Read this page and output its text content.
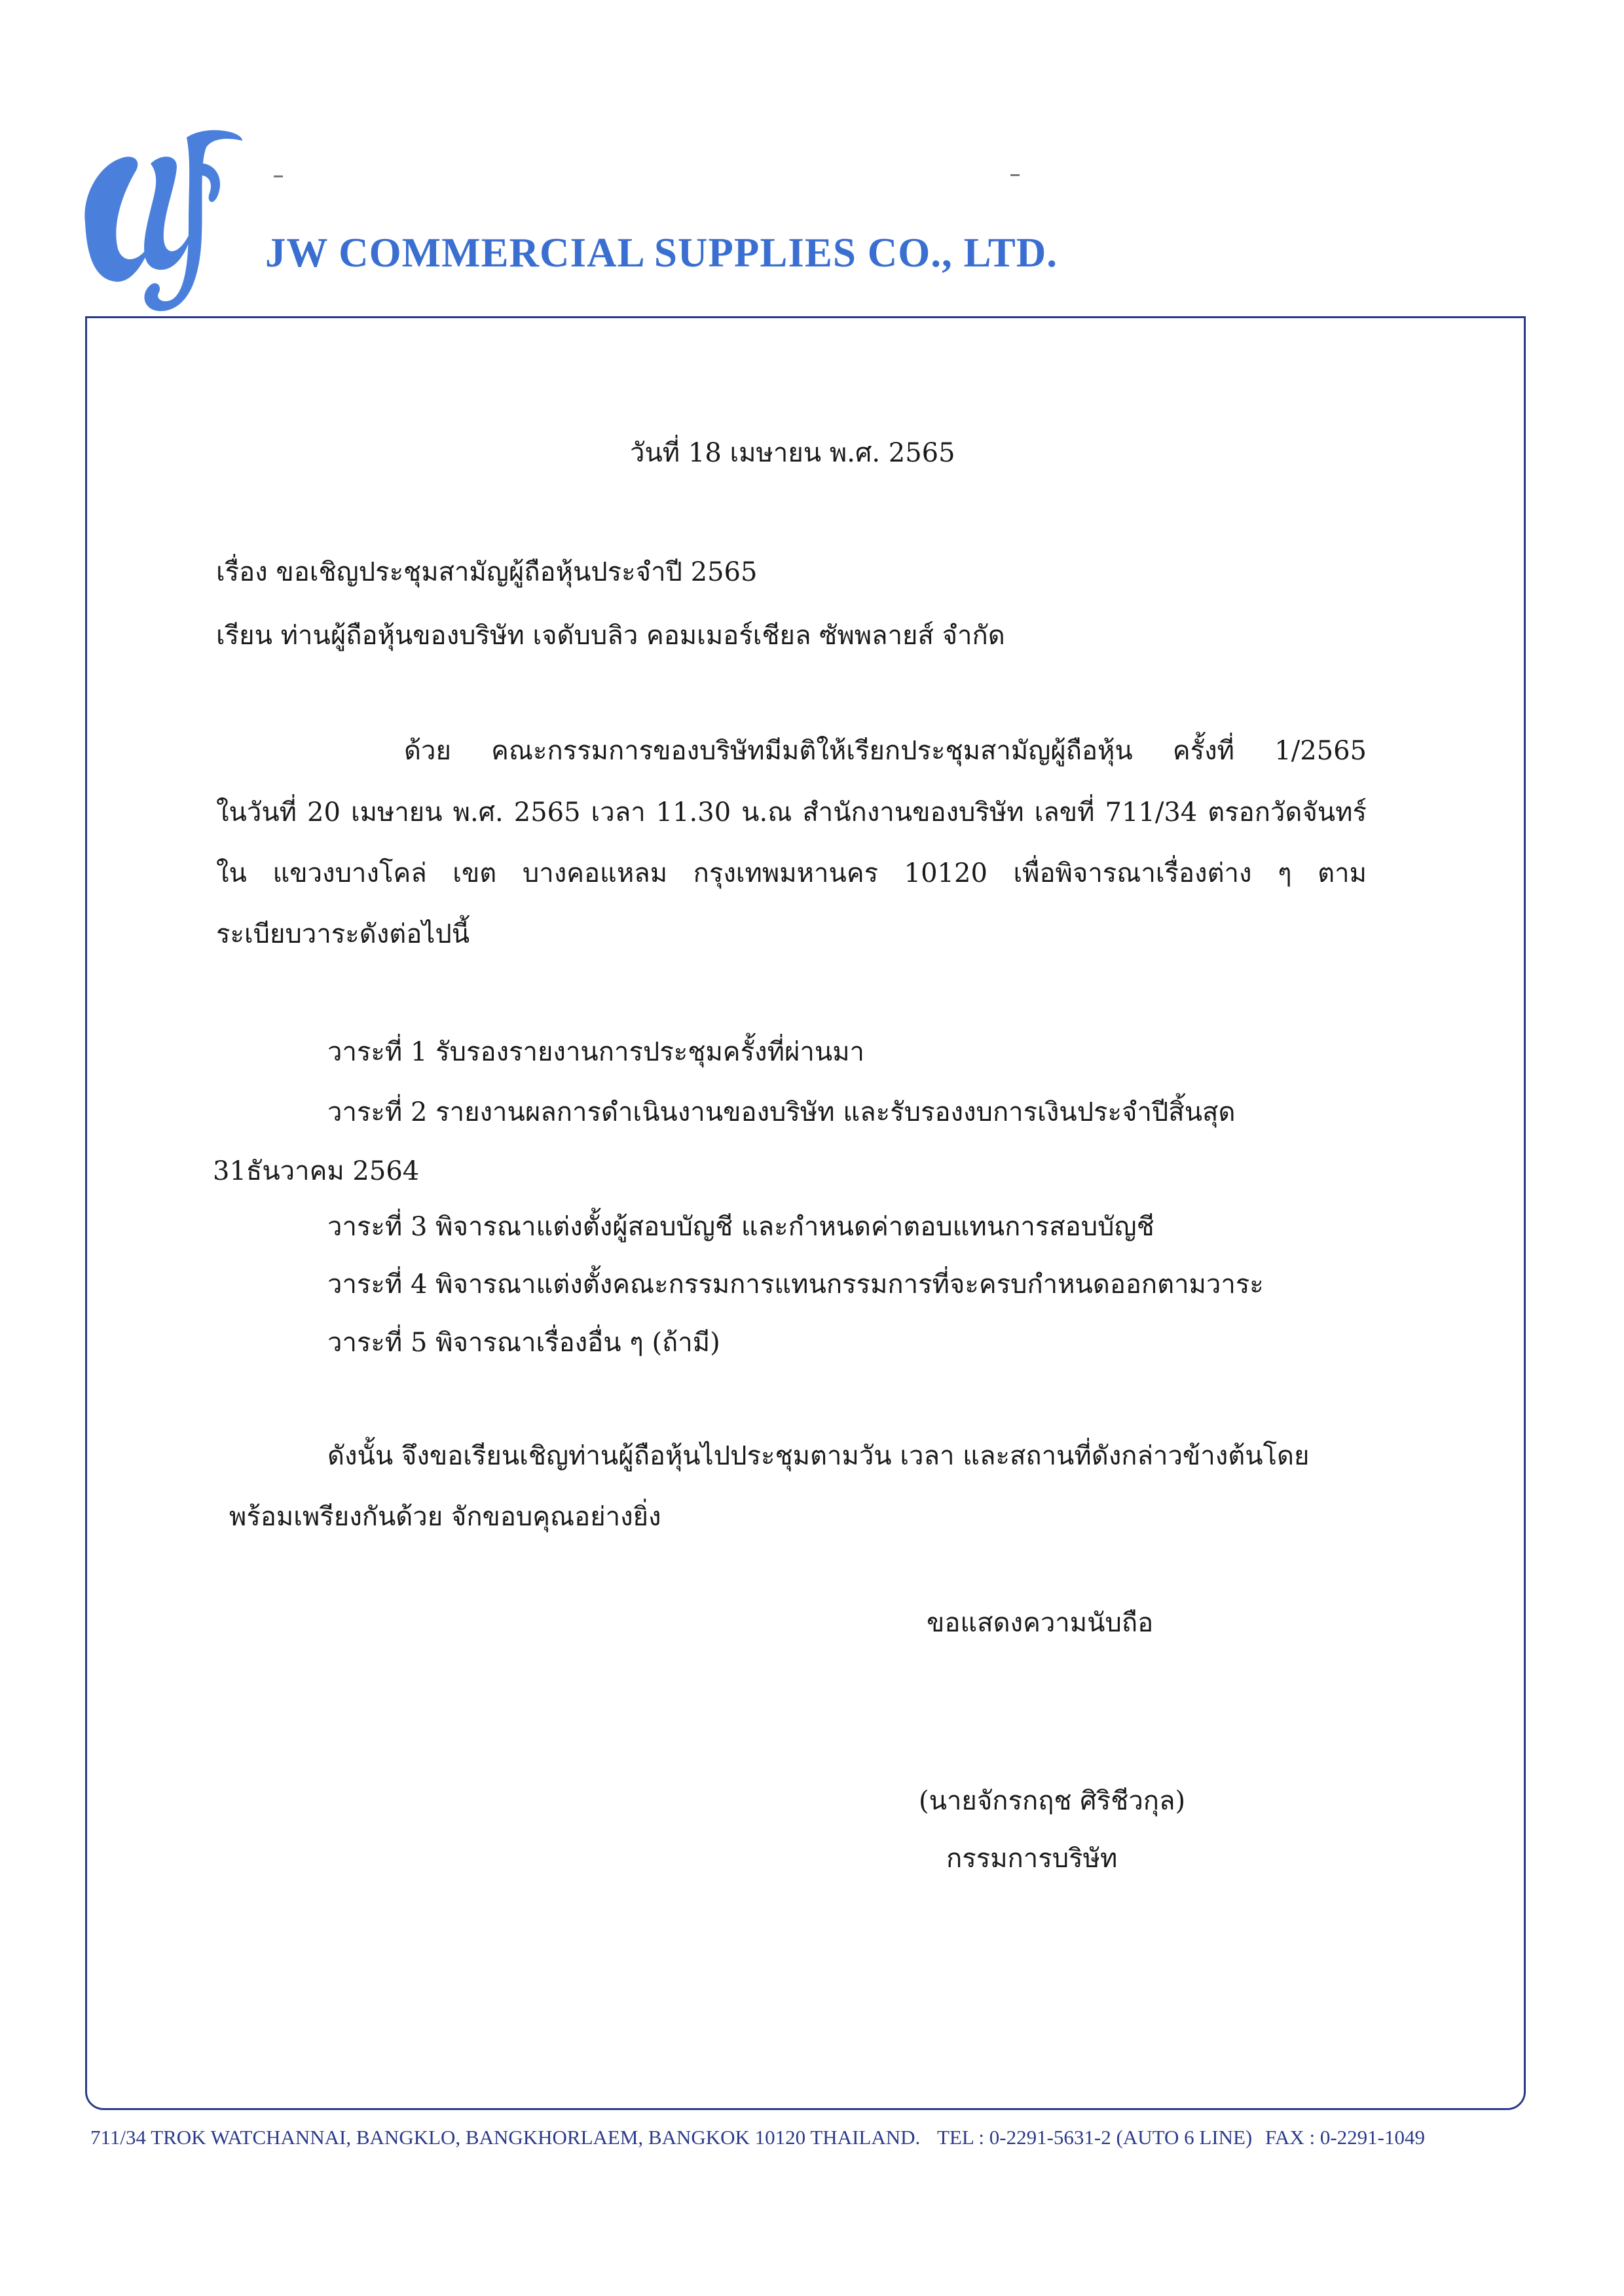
JW COMMERCIAL SUPPLIES CO., LTD.
วันที่ 18 เมษายน พ.ศ. 2565
เรื่อง ขอเชิญประชุมสามัญผู้ถือหุ้นประจำปี 2565
เรียน ท่านผู้ถือหุ้นของบริษัท เจดับบลิว คอมเมอร์เชียล ซัพพลายส์ จำกัด
ด้วย คณะกรรมการของบริษัทมีมติให้เรียกประชุมสามัญผู้ถือหุ้น ครั้งที่ 1/2565
ในวันที่ 20 เมษายน พ.ศ. 2565 เวลา 11.30 น.ณ สำนักงานของบริษัท เลขที่ 711/34 ตรอกวัดจันทร์
ใน แขวงบางโคล่ เขต บางคอแหลม กรุงเทพมหานคร 10120 เพื่อพิจารณาเรื่องต่าง ๆ ตาม
ระเบียบวาระดังต่อไปนี้
วาระที่ 1 รับรองรายงานการประชุมครั้งที่ผ่านมา
วาระที่ 2 รายงานผลการดำเนินงานของบริษัท และรับรองงบการเงินประจำปีสิ้นสุด
31ธันวาคม 2564
วาระที่ 3 พิจารณาแต่งตั้งผู้สอบบัญชี และกำหนดค่าตอบแทนการสอบบัญชี
วาระที่ 4 พิจารณาแต่งตั้งคณะกรรมการแทนกรรมการที่จะครบกำหนดออกตามวาระ
วาระที่ 5 พิจารณาเรื่องอื่น ๆ (ถ้ามี)
ดังนั้น จึงขอเรียนเชิญท่านผู้ถือหุ้นไปประชุมตามวัน เวลา และสถานที่ดังกล่าวข้างต้นโดย
พร้อมเพรียงกันด้วย จักขอบคุณอย่างยิ่ง
ขอแสดงความนับถือ
(นายจักรกฤช ศิริชีวกุล)
กรรมการบริษัท
711/34 TROK WATCHANNAI, BANGKLO, BANGKHORLAEM, BANGKOK 10120 THAILAND. TEL : 0-2291-5631-2 (AUTO 6 LINE) FAX : 0-2291-1049
